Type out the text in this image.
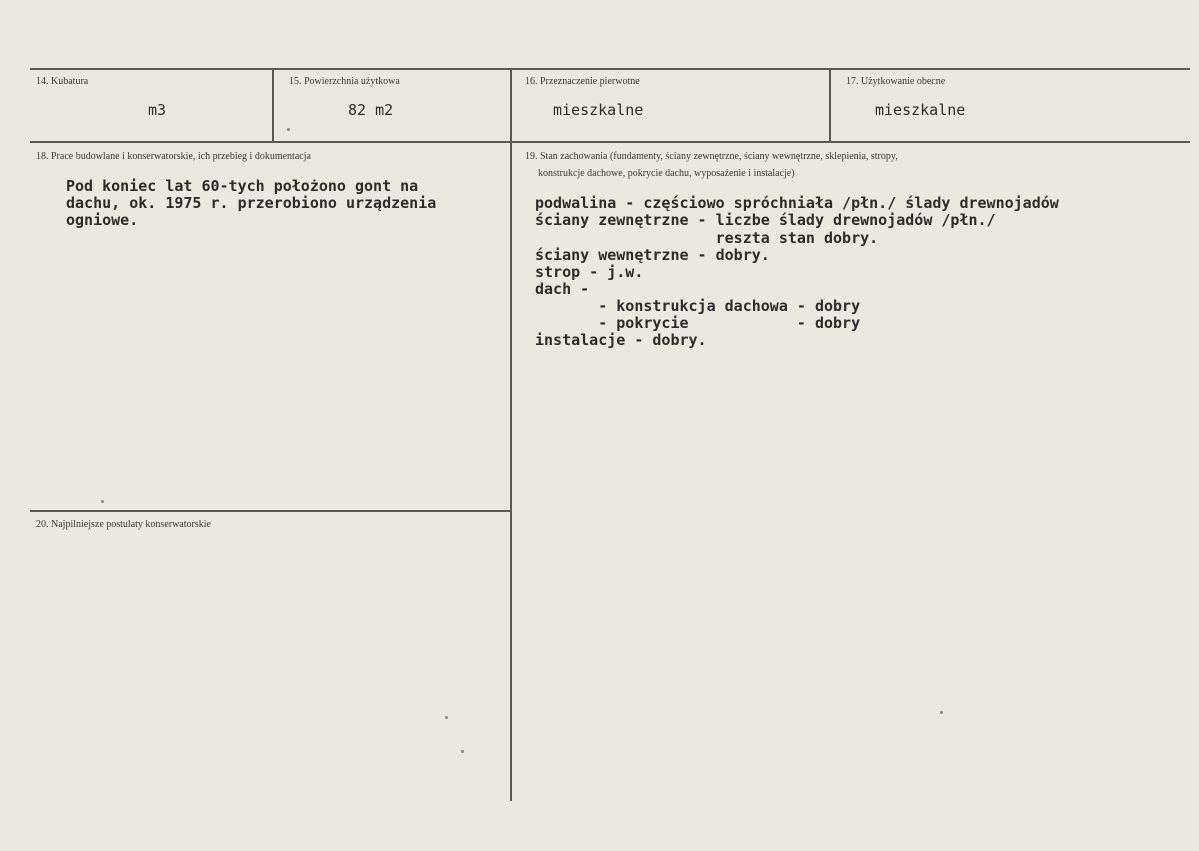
14. Kubatura
m3
15. Powierzchnia użytkowa
82 m2
16. Przeznaczenie pierwotne
mieszkalne
17. Użytkowanie obecne
mieszkalne
18. Prace budowlane i konserwatorskie, ich przebieg i dokumentacja
Pod koniec lat 60-tych położono gont na
dachu, ok. 1975 r. przerobiono urządzenia
ogniowe.
19. Stan zachowania (fundamenty, ściany zewnętrzne, ściany wewnętrzne, sklepienia, stropy,
konstrukcje dachowe, pokrycie dachu, wyposażenie i instalacje)
podwalina - częściowo spróchniała /płn./ ślady drewnojadów
ściany zewnętrzne - liczbe ślady drewnojadów /płn./
reszta stan dobry.
ściany wewnętrzne - dobry.
strop - j.w.
dach -
- konstrukcja dachowa - dobry
- pokrycie            - dobry
instalacje - dobry.
20. Najpilniejsze postulaty konserwatorskie
